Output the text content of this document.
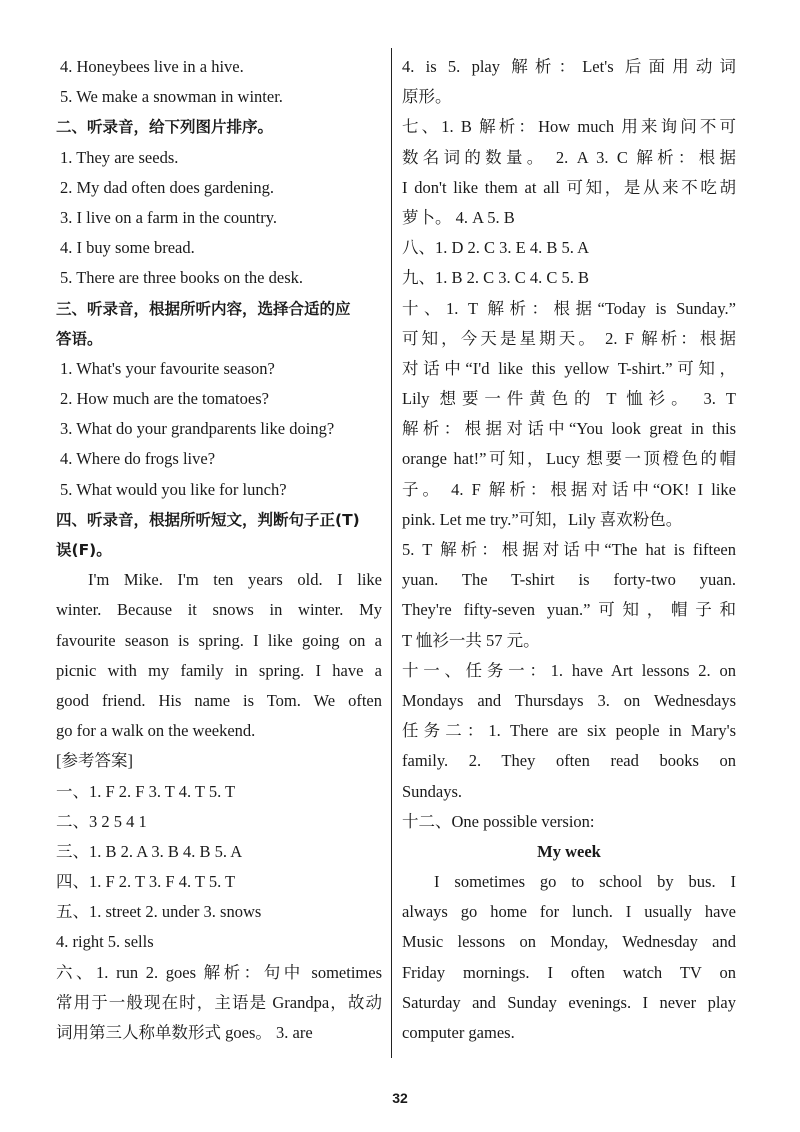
4. Honeybees live in a hive.
5. We make a snowman in winter.
二、听录音，给下列图片排序。
1. They are seeds.
2. My dad often does gardening.
3. I live on a farm in the country.
4. I buy some bread.
5. There are three books on the desk.
三、听录音，根据所听内容，选择合适的应
答语。
1. What's your favourite season?
2. How much are the tomatoes?
3. What do your grandparents like doing?
4. Where do frogs live?
5. What would you like for lunch?
四、听录音，根据所听短文，判断句子正(T)
误(F)。
I'm Mike. I'm ten years old. I like
winter. Because it snows in winter. My
favourite season is spring. I like going on a
picnic with my family in spring. I have a
good friend. His name is Tom. We often
go for a walk on the weekend.
[参考答案]
一、1. F 2. F 3. T 4. T 5. T
二、3 2 5 4 1
三、1. B 2. A 3. B 4. B 5. A
四、1. F 2. T 3. F 4. T 5. T
五、1. street 2. under 3. snows
4. right 5. sells
六、1. run 2. goes 解析：句中 sometimes
常用于一般现在时，主语是 Grandpa，故动
词用第三人称单数形式 goes。 3. are
4. is 5. play 解析：Let's 后面用动词
原形。
七、1. B 解析：How much 用来询问不可
数名词的数量。 2. A 3. C 解析：根据
I don't like them at all 可知，是从来不吃胡
萝卜。 4. A 5. B
八、1. D 2. C 3. E 4. B 5. A
九、1. B 2. C 3. C 4. C 5. B
十、1. T 解析：根据“Today is Sunday.”
可知，今天是星期天。 2. F 解析：根据
对话中“I'd like this yellow T-shirt.”可知，
Lily 想要一件黄色的 T 恤衫。 3. T
解析：根据对话中“You look great in this
orange hat!”可知，Lucy 想要一顶橙色的帽
子。 4. F 解析：根据对话中“OK! I like
pink. Let me try.”可知，Lily 喜欢粉色。
5. T 解析：根据对话中“The hat is fifteen
yuan. The T-shirt is forty-two yuan.
They're fifty-seven yuan.”可知，帽子和
T 恤衫一共 57 元。
十一、任务一：1. have Art lessons 2. on
Mondays and Thursdays 3. on Wednesdays
任务二：1. There are six people in Mary's
family. 2. They often read books on
Sundays.
十二、One possible version:
My week
I sometimes go to school by bus. I
always go home for lunch. I usually have
Music lessons on Monday, Wednesday and
Friday mornings. I often watch TV on
Saturday and Sunday evenings. I never play
computer games.
32
